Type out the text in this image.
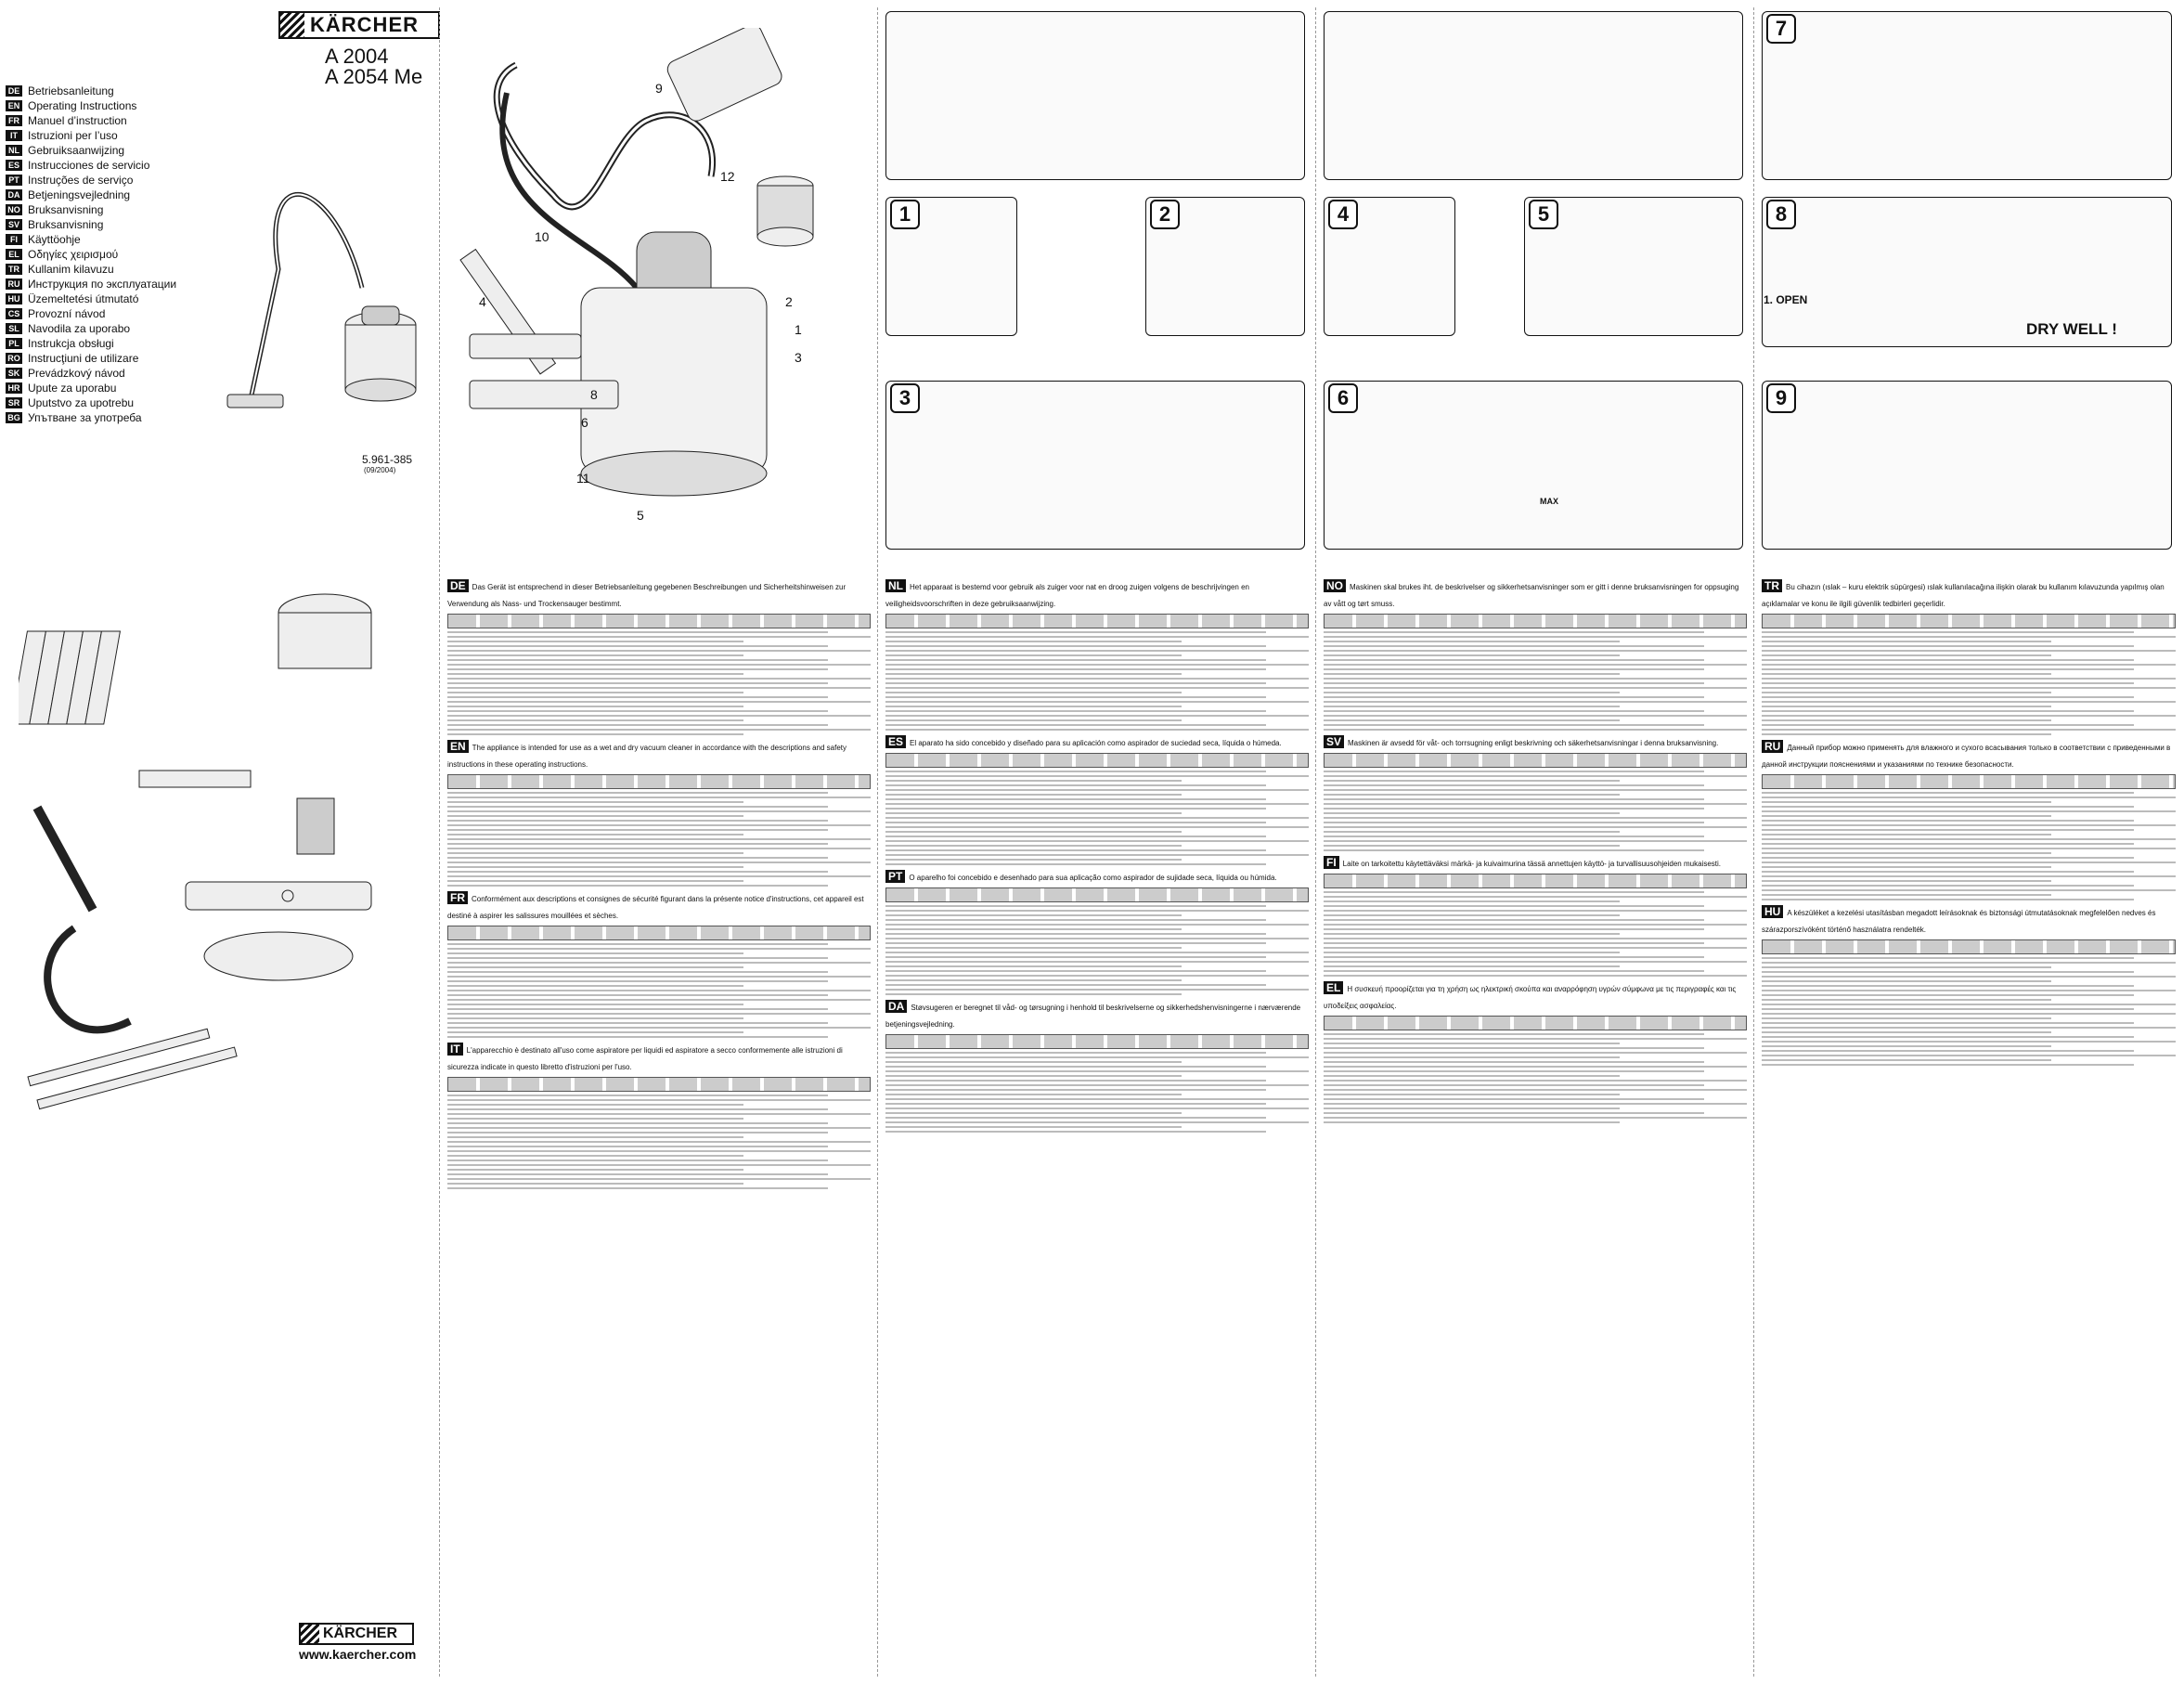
KÄRCHER
A 2004
A 2054 Me
DE Betriebsanleitung
EN Operating Instructions
FR Manuel d’instruction
IT Istruzioni per l’uso
NL Gebruiksaanwijzing
ES Instrucciones de servicio
PT Instruções de serviço
DA Betjeningsvejledning
NO Bruksanvisning
SV Bruksanvisning
FI Käyttöohje
EL Οδηγίες χειρισμού
TR Kullanim kilavuzu
RU Инструкция по эксплуатации
HU Üzemeltetési útmutató
CS Provozní návod
SL Navodila za uporabo
PL Instrukcja obsługi
RO Instrucţiuni de utilizare
SK Prevádzkový návod
HR Upute za uporabu
SR Uputstvo za upotrebu
BG Упътване за употреба
5.961-385
(09/2004)

KÄRCHER
www.kaercher.com
9
12
10
4	2
1
3
8
6
11
5
DE Das Gerät ist entsprechend in dieser Betriebsanleitung gegebenen Beschreibungen und Sicherheitshinweisen zur Verwendung als Nass- und Trockensauger bestimmt.
EN The appliance is intended for use as a wet and dry vacuum cleaner in accordance with the descriptions and safety instructions in these operating instructions.
FR Conformément aux descriptions et consignes de sécurité figurant dans la présente notice d'instructions, cet appareil est destiné à aspirer les salissures mouillées et sèches.
IT L'apparecchio è destinato all'uso come aspiratore per liquidi ed aspiratore a secco conformemente alle istruzioni di sicurezza indicate in questo libretto d'istruzioni per l'uso.
1	2
3
NL Het apparaat is bestemd voor gebruik als zuiger voor nat en droog zuigen volgens de beschrijvingen en veiligheidsvoorschriften in deze gebruiksaanwijzing.
ES El aparato ha sido concebido y diseñado para su aplicación como aspirador de suciedad seca, líquida o húmeda.
PT O aparelho foi concebido e desenhado para sua aplicação como aspirador de sujidade seca, líquida ou húmida.
DA Støvsugeren er beregnet til våd- og tørsugning i henhold til beskrivelserne og sikkerhedshenvisningerne i nærværende betjeningsvejledning.
4	5
6
MAX
NO Maskinen skal brukes iht. de beskrivelser og sikkerhetsanvisninger som er gitt i denne bruksanvisningen for oppsuging av vått og tørt smuss.
SV Maskinen är avsedd för våt- och torrsugning enligt beskrivning och säkerhetsanvisningar i denna bruksanvisning.
FI Laite on tarkoitettu käytettäväksi märkä- ja kuivaimurina tässä annettujen käyttö- ja turvallisuusohjeiden mukaisesti.
EL Η συσκευή προορίζεται για τη χρήση ως ηλεκτρική σκούπα και αναρρόφηση υγρών σύμφωνα με τις περιγραφές και τις υποδείξεις ασφαλείας.
7
8
9
1. OPEN
DRY WELL !
TR Bu cihazın (ıslak – kuru elektrik süpürgesi) ıslak kullanılacağına ilişkin olarak bu kullanım kılavuzunda yapılmış olan açıklamalar ve konu ile ilgili güvenlik tedbirleri geçerlidir.
RU Данный прибор можно применять для влажного и сухого всасывания только в соответствии с приведенными в данной инструкции пояснениями и указаниями по технике безопасности.
HU A készüléket a kezelési utasításban megadott leírásoknak és biztonsági útmutatásoknak megfelelően nedves és szárazporszívóként történő használatra rendelték.
